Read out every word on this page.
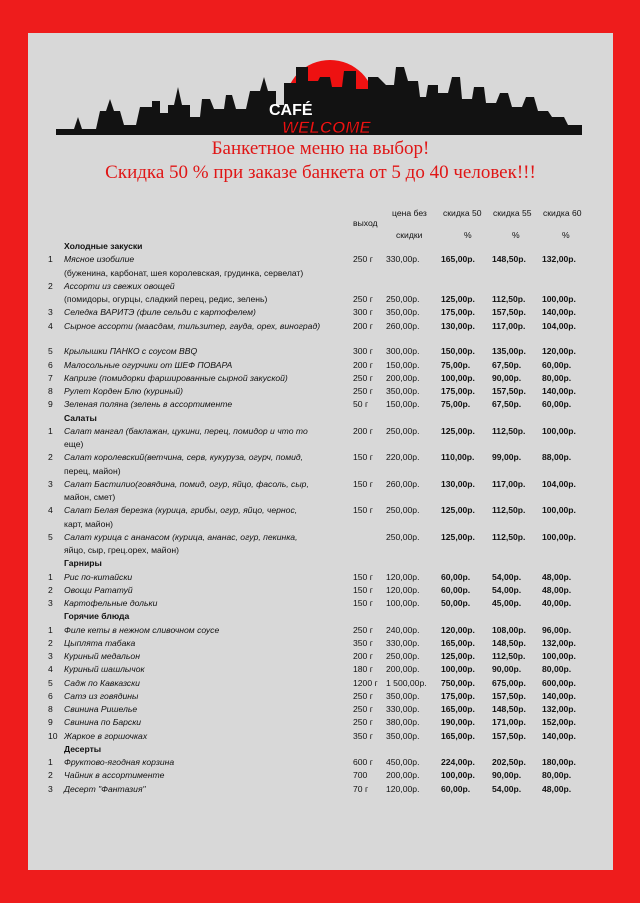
CAFÉ
WELCOME
Банкетное меню на выбор!
Скидка 50 % при заказе банкета от 5 до 40 человек!!!
выход
цена без
скидки
скидка 50
%
скидка 55
%
скидка 60
%
Холодные закуски
1 Мясное изобилие	250 г 330,00р.	165,00р. 148,50р. 132,00р.
(буженина, карбонат, шея королевская, грудинка, сервелат)
2 Ассорти из свежих овощей
(помидоры, огурцы, сладкий перец, редис, зелень)	250 г 250,00р.	125,00р. 112,50р. 100,00р.
3 Селедка ВАРИТЭ (филе сельди с картофелем)	300 г 350,00р.	175,00р. 157,50р. 140,00р.
4 Сырное ассорти (маасдам, тильзитер, гауда, орех, виноград)	200 г 260,00р.	130,00р. 117,00р. 104,00р.
5 Крылышки ПАНКО с соусом BBQ	300 г 300,00р.	150,00р. 135,00р. 120,00р.
6 Малосольные огурчики от ШЕФ ПОВАРА	200 г 150,00р.	75,00р.	67,50р. 60,00р.
7 Капризе (помидорки фаршированные сырной закуской)	250 г 200,00р.	100,00р. 90,00р. 80,00р.
8 Рулет Корден Блю (куриный)	250 г 350,00р.	175,00р. 157,50р. 140,00р.
9 Зеленая поляна (зелень в ассортименте	50 г 150,00р.	75,00р.	67,50р. 60,00р.
Салаты
1 Салат мангал (баклажан, цукини, перец, помидор и что то	200 г 250,00р.	125,00р. 112,50р. 100,00р.
еще)
2 Салат королевский(ветчина, серв, кукуруза, огурч, помид,	150 г 220,00р.	110,00р. 99,00р. 88,00р.
перец, майон)
3 Салат Бастилио(говядина, помид, огур, яйцо, фасоль, сыр,	150 г 260,00р.	130,00р. 117,00р. 104,00р.
майон, смет)
4 Салат Белая березка (курица, грибы, огур, яйцо, чернос,	150 г 250,00р.	125,00р. 112,50р. 100,00р.
карт, майон)
5 Салат курица с ананасом (курица, ананас, огур, пекинка,	250,00р.	125,00р. 112,50р. 100,00р.
яйцо, сыр, грец.орех, майон)
Гарниры
1 Рис по-китайски	150 г 120,00р.	60,00р.	54,00р. 48,00р.
2 Овощи Рататуй	150 г 120,00р.	60,00р.	54,00р. 48,00р.
3 Картофельные дольки	150 г 100,00р.	50,00р.	45,00р. 40,00р.
Горячие блюда
1 Филе кеты в нежном сливочном соусе	250 г 240,00р.	120,00р. 108,00р. 96,00р.
2 Цыплята табака	350 г 330,00р.	165,00р. 148,50р. 132,00р.
3 Куриный медальон	200 г 250,00р.	125,00р. 112,50р. 100,00р.
4 Куриный шашлычок	180 г 200,00р.	100,00р. 90,00р. 80,00р.
5 Садж по Кавказски	1200 г 1 500,00р. 750,00р. 675,00р. 600,00р.
6 Сатэ из говядины	250 г 350,00р.	175,00р. 157,50р. 140,00р.
8 Свинина Ришелье	250 г 330,00р.	165,00р. 148,50р. 132,00р.
9 Свинина по Барски	250 г 380,00р.	190,00р. 171,00р. 152,00р.
10 Жаркое в горшочках	350 г 350,00р.	165,00р. 157,50р. 140,00р.
Десерты
1 Фруктово-ягодная корзина	600 г 450,00р.	224,00р. 202,50р. 180,00р.
2 Чайник в ассортименте	700 200,00р.	100,00р. 90,00р. 80,00р.
3 Десерт "Фантазия"	70 г 120,00р.	60,00р.	54,00р. 48,00р.
